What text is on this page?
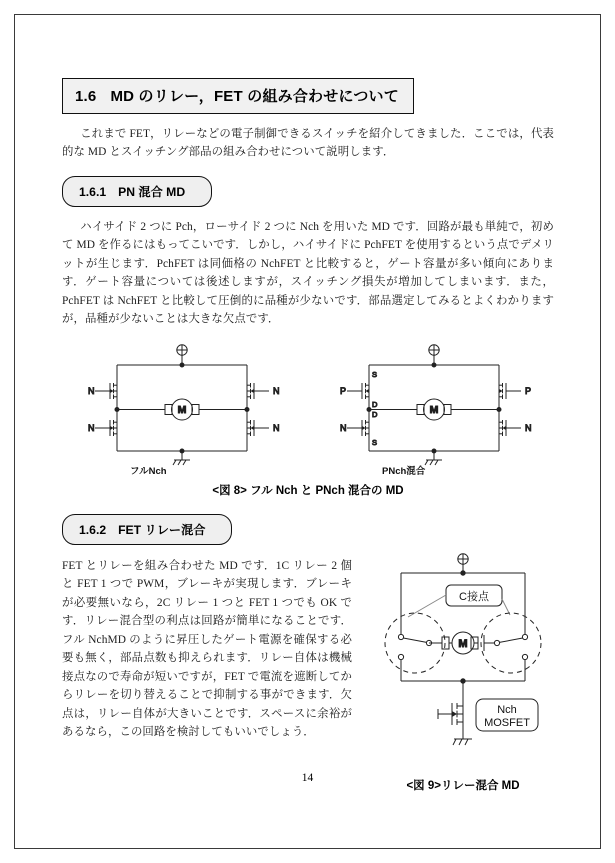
1.6 MD のリレー，FET の組み合わせについて

これまで FET，リレーなどの電子制御できるスイッチを紹介してきました．ここでは，代表的な MD とスイッチング部品の組み合わせについて説明します．

1.6.1 PN 混合 MD

ハイサイド 2 つに Pch，ローサイド 2 つに Nch を用いた MD です．回路が最も単純で，初めて MD を作るにはもってこいです．しかし，ハイサイドに PchFET を使用するという点でデメリットが生じます．PchFET は同価格の NchFET と比較すると，ゲート容量が多い傾向にあります．ゲート容量については後述しますが，スイッチング損失が増加してしまいます．また，PchFET は NchFET と比較して圧倒的に品種が少ないです．部品選定してみるとよくわかりますが，品種が少ないことは大きな欠点です．

N	N
M
N	N
P
S
D
P
M
N
D
S
N
フルNch	PNch混合
<図 8> フル Nch と PNch 混合の MD
1.6.2 FET リレー混合

FET とリレーを組み合わせた MD です．1C リレー 2 個と FET 1 つで PWM，ブレーキが実現します．ブレーキが必要無いなら，2C リレー 1 つと FET 1 つでも OK です．リレー混合型の利点は回路が簡単になることです．フル NchMD のように昇圧したゲート電源を確保する必要も無く，部品点数も抑えられます．リレー自体は機械接点なので寿命が短いですが，FET で電流を遮断してからリレーを切り替えることで抑制する事ができます．欠点は，リレー自体が大きいことです．スペースに余裕があるなら，この回路を検討してもいいでしょう．

M
C接点
Nch
MOSFET
<図 9>リレー混合 MD
14
